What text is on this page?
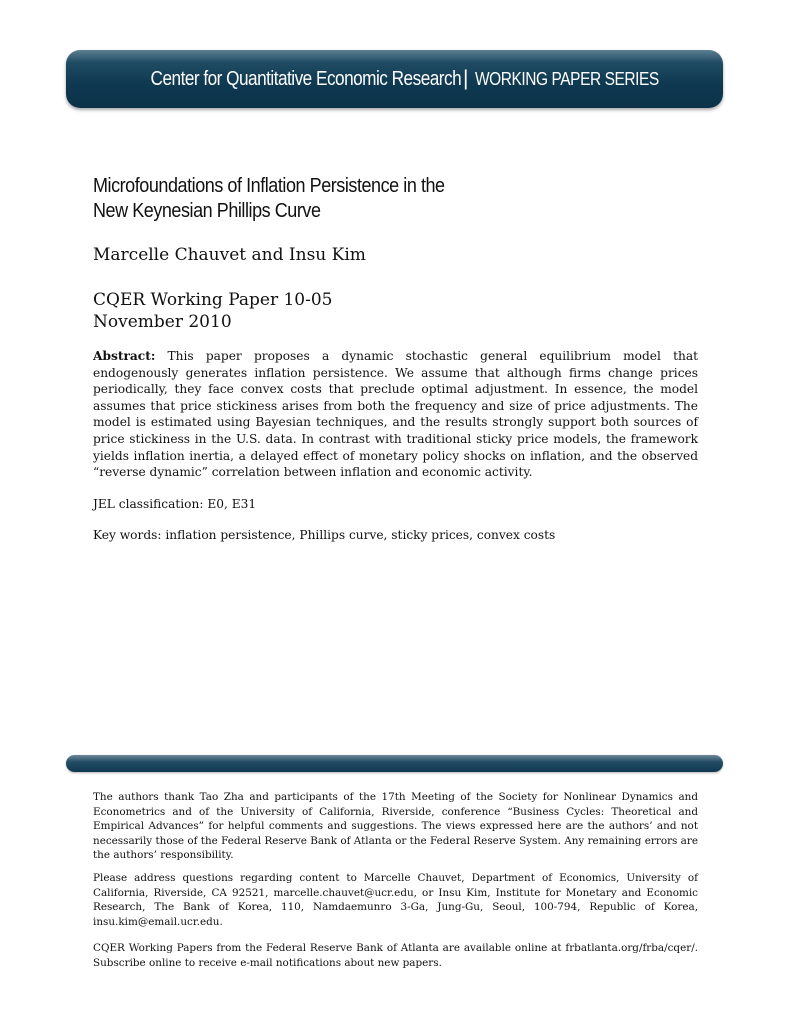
Center for Quantitative Economic Research | WORKING PAPER SERIES
Microfoundations of Inflation Persistence in the
New Keynesian Phillips Curve
Marcelle Chauvet and Insu Kim
CQER Working Paper 10-05
November 2010

Abstract: This paper proposes a dynamic stochastic general equilibrium model that endogenously generates inflation persistence. We assume that although firms change prices periodically, they face convex costs that preclude optimal adjustment. In essence, the model assumes that price stickiness arises from both the frequency and size of price adjustments. The model is estimated using Bayesian techniques, and the results strongly support both sources of price stickiness in the U.S. data. In contrast with traditional sticky price models, the framework yields inflation inertia, a delayed effect of monetary policy shocks on inflation, and the observed “reverse dynamic” correlation between inflation and economic activity.

JEL classification: E0, E31
Key words: inflation persistence, Phillips curve, sticky prices, convex costs

The authors thank Tao Zha and participants of the 17th Meeting of the Society for Nonlinear Dynamics and Econometrics and of the University of California, Riverside, conference “Business Cycles: Theoretical and Empirical Advances” for helpful comments and suggestions. The views expressed here are the authors’ and not necessarily those of the Federal Reserve Bank of Atlanta or the Federal Reserve System. Any remaining errors are the authors’ responsibility.

Please address questions regarding content to Marcelle Chauvet, Department of Economics, University of California, Riverside, CA 92521, marcelle.chauvet@ucr.edu, or Insu Kim, Institute for Monetary and Economic Research, The Bank of Korea, 110, Namdaemunro 3-Ga, Jung-Gu, Seoul, 100-794, Republic of Korea, insu.kim@email.ucr.edu.

CQER Working Papers from the Federal Reserve Bank of Atlanta are available online at frbatlanta.org/frba/cqer/. Subscribe online to receive e-mail notifications about new papers.
